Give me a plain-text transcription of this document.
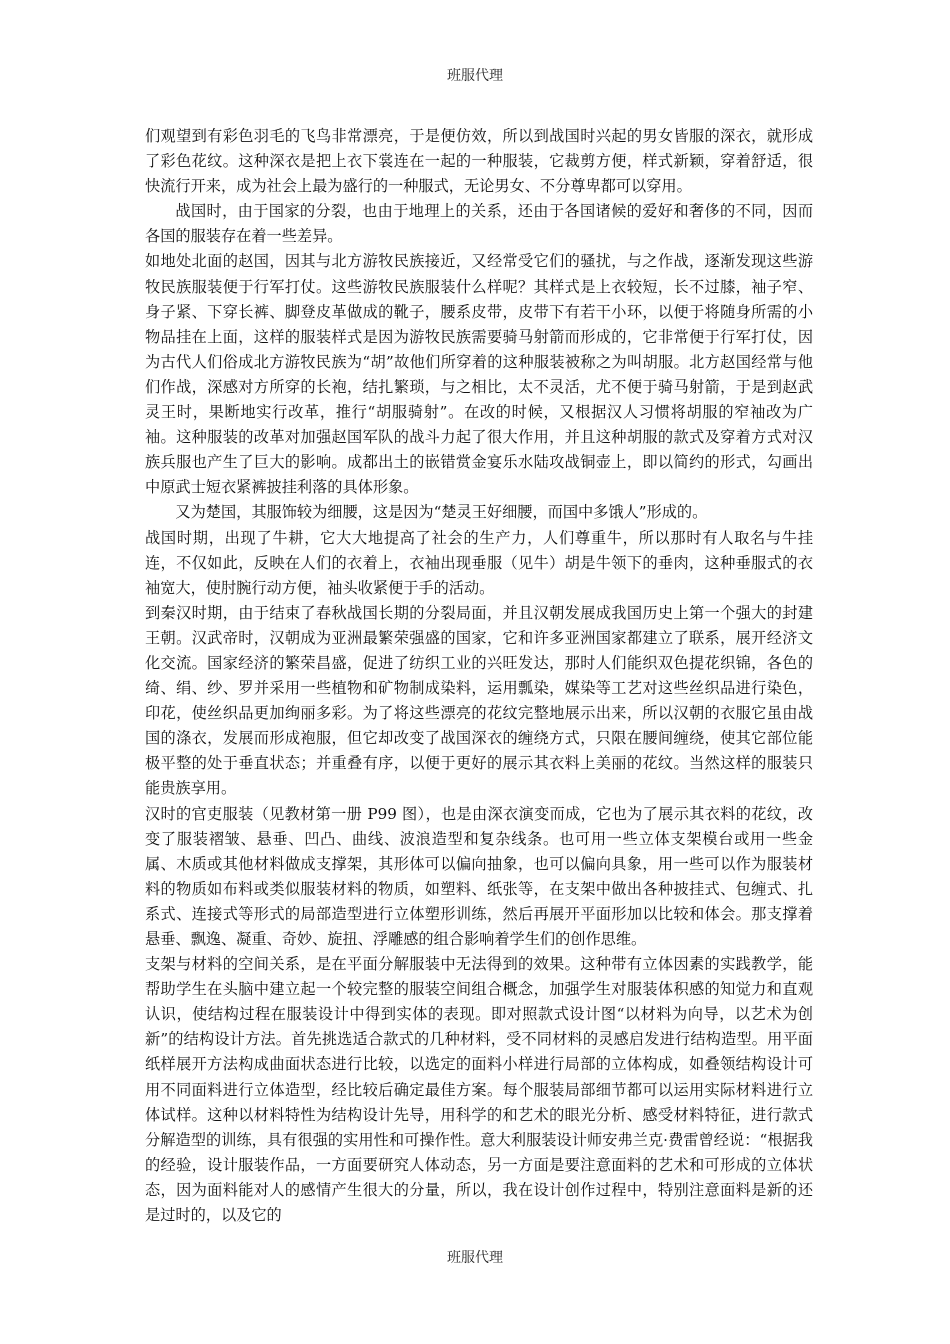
班服代理

们观望到有彩色羽毛的飞鸟非常漂亮，于是便仿效，所以到战国时兴起的男女皆服的深衣，就形成了彩色花纹。这种深衣是把上衣下裳连在一起的一种服装，它裁剪方便，样式新颖，穿着舒适，很快流行开来，成为社会上最为盛行的一种服式，无论男女、不分尊卑都可以穿用。

战国时，由于国家的分裂，也由于地理上的关系，还由于各国诸候的爱好和奢侈的不同，因而各国的服装存在着一些差异。

如地处北面的赵国，因其与北方游牧民族接近，又经常受它们的骚扰，与之作战，逐渐发现这些游牧民族服装便于行军打仗。这些游牧民族服装什么样呢？其样式是上衣较短，长不过膝，袖子窄、身子紧、下穿长裤、脚登皮革做成的靴子，腰系皮带，皮带下有若干小环，以便于将随身所需的小物品挂在上面，这样的服装样式是因为游牧民族需要骑马射箭而形成的，它非常便于行军打仗，因为古代人们俗成北方游牧民族为“胡”故他们所穿着的这种服装被称之为叫胡服。北方赵国经常与他们作战，深感对方所穿的长袍，结扎繁琐，与之相比，太不灵活，尤不便于骑马射箭，于是到赵武灵王时，果断地实行改革，推行“胡服骑射”。在改的时候，又根据汉人习惯将胡服的窄袖改为广袖。这种服装的改革对加强赵国军队的战斗力起了很大作用，并且这种胡服的款式及穿着方式对汉族兵服也产生了巨大的影响。成都出土的嵌错赏金宴乐水陆攻战铜壶上，即以简约的形式，勾画出中原武士短衣紧裤披挂利落的具体形象。

又为楚国，其服饰较为细腰，这是因为“楚灵王好细腰，而国中多饿人”形成的。

战国时期，出现了牛耕，它大大地提高了社会的生产力，人们尊重牛，所以那时有人取名与牛挂连，不仅如此，反映在人们的衣着上，衣袖出现垂服（见牛）胡是牛领下的垂肉，这种垂服式的衣袖宽大，使肘腕行动方便，袖头收紧便于手的活动。

到秦汉时期，由于结束了春秋战国长期的分裂局面，并且汉朝发展成我国历史上第一个强大的封建王朝。汉武帝时，汉朝成为亚洲最繁荣强盛的国家，它和许多亚洲国家都建立了联系，展开经济文化交流。国家经济的繁荣昌盛，促进了纺织工业的兴旺发达，那时人们能织双色提花织锦，各色的绮、绢、纱、罗并采用一些植物和矿物制成染料，运用瓢染，媒染等工艺对这些丝织品进行染色，印花，使丝织品更加绚丽多彩。为了将这些漂亮的花纹完整地展示出来，所以汉朝的衣服它虽由战国的涤衣，发展而形成袍服，但它却改变了战国深衣的缠绕方式，只限在腰间缠绕，使其它部位能极平整的处于垂直状态；并重叠有序，以便于更好的展示其衣料上美丽的花纹。当然这样的服装只能贵族享用。

汉时的官吏服装（见教材第一册 P99 图），也是由深衣演变而成，它也为了展示其衣料的花纹，改变了服装褶皱、悬垂、凹凸、曲线、波浪造型和复杂线条。也可用一些立体支架模台或用一些金属、木质或其他材料做成支撑架，其形体可以偏向抽象，也可以偏向具象，用一些可以作为服装材料的物质如布料或类似服装材料的物质，如塑料、纸张等，在支架中做出各种披挂式、包缠式、扎系式、连接式等形式的局部造型进行立体塑形训练，然后再展开平面形加以比较和体会。那支撑着悬垂、飘逸、凝重、奇妙、旋扭、浮雕感的组合影响着学生们的创作思维。

支架与材料的空间关系，是在平面分解服装中无法得到的效果。这种带有立体因素的实践教学，能帮助学生在头脑中建立起一个较完整的服装空间组合概念，加强学生对服装体积感的知觉力和直观认识，使结构过程在服装设计中得到实体的表现。即对照款式设计图“以材料为向导，以艺术为创新”的结构设计方法。首先挑选适合款式的几种材料，受不同材料的灵感启发进行结构造型。用平面纸样展开方法构成曲面状态进行比较，以选定的面料小样进行局部的立体构成，如叠领结构设计可用不同面料进行立体造型，经比较后确定最佳方案。每个服装局部细节都可以运用实际材料进行立体试样。这种以材料特性为结构设计先导，用科学的和艺术的眼光分析、感受材料特征，进行款式分解造型的训练，具有很强的实用性和可操作性。意大利服装设计师安弗兰克·费雷曾经说：“根据我的经验，设计服装作品，一方面要研究人体动态，另一方面是要注意面料的艺术和可形成的立体状态，因为面料能对人的感情产生很大的分量，所以，我在设计创作过程中，特别注意面料是新的还是过时的，以及它的

班服代理
